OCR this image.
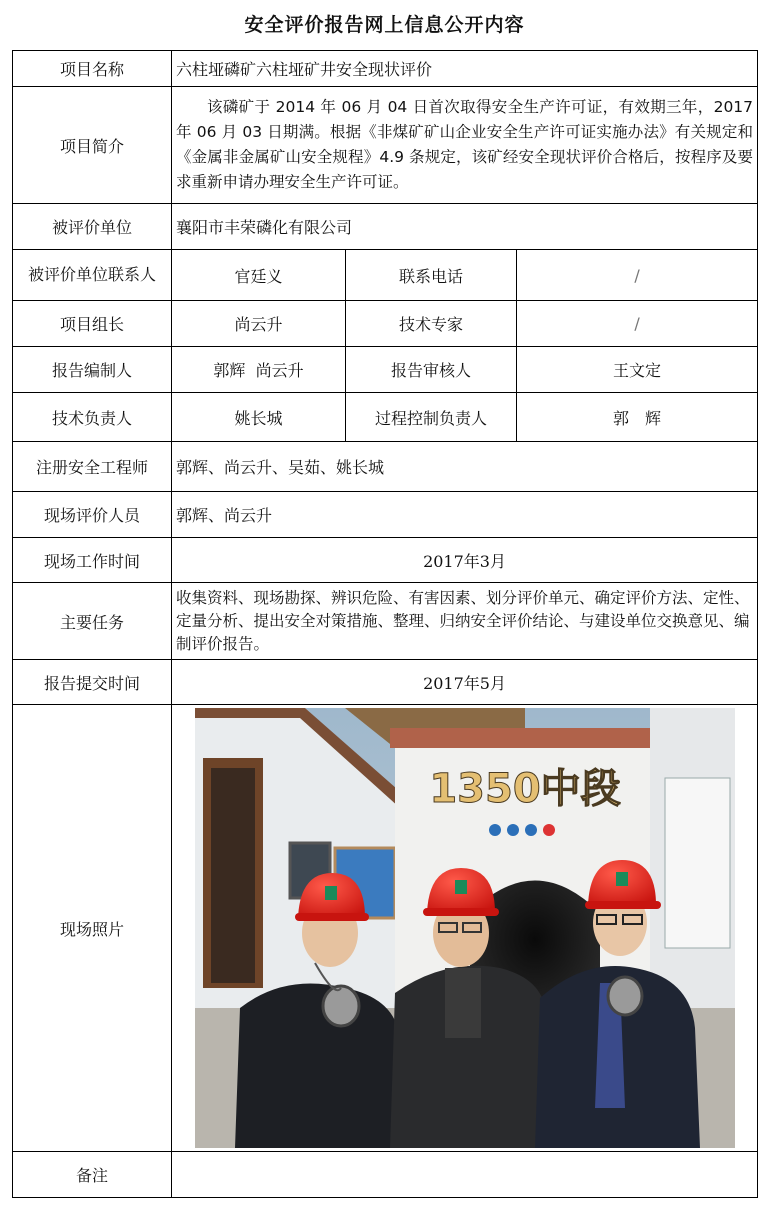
安全评价报告网上信息公开内容
项目名称	六柱垭磷矿六柱垭矿井安全现状评价		
项目简介	该磷矿于 2014 年 06 月 04 日首次取得安全生产许可证，有效期三年，2017 年 06 月 03 日期满。根据《非煤矿矿山企业安全生产许可证实施办法》有关规定和《金属非金属矿山安全规程》4.9 条规定，该矿经安全现状评价合格后，按程序及要求重新申请办理安全生产许可证。		

被评价单位	襄阳市丰荣磷化有限公司		
被评价单位联系人	官廷义	联系电话	/
项目组长	尚云升	技术专家	/
报告编制人	郭辉  尚云升	报告审核人	王文定
技术负责人	姚长城	过程控制负责人	郭　辉
注册安全工程师	郭辉、尚云升、吴茹、姚长城		
现场评价人员	郭辉、尚云升		
现场工作时间	2017年3月		
主要任务	收集资料、现场勘探、辨识危险、有害因素、划分评价单元、确定评价方法、定性、定量分析、提出安全对策措施、整理、归纳安全评价结论、与建设单位交换意见、编制评价报告。		

报告提交时间	2017年5月		
现场照片	1350中段		

备注			
